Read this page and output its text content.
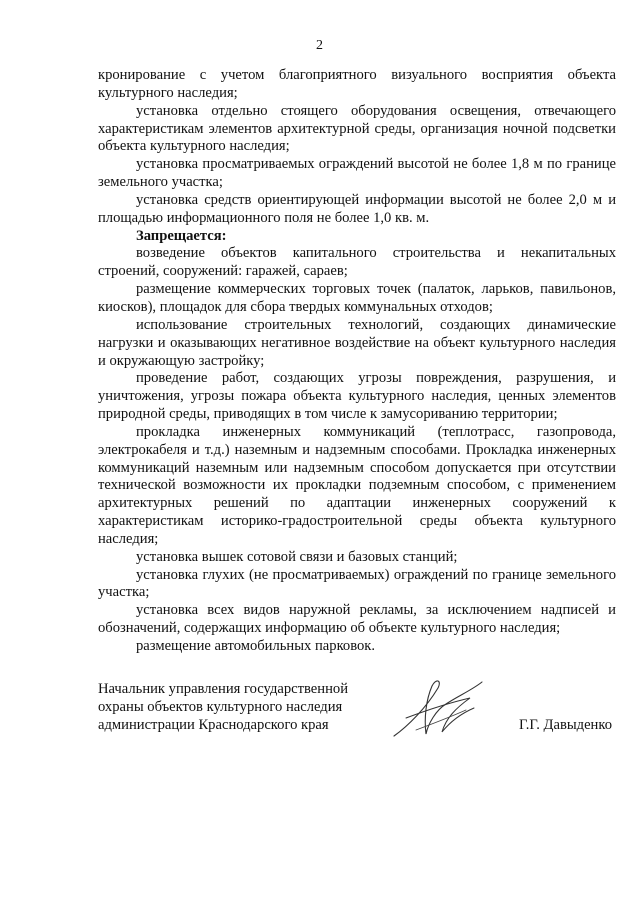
2

кронирование с учетом благоприятного визуального восприятия объекта культурного наследия;

установка отдельно стоящего оборудования освещения, отвечающего характеристикам элементов архитектурной среды, организация ночной подсветки объекта культурного наследия;

установка просматриваемых ограждений высотой не более 1,8 м по границе земельного участка;

установка средств ориентирующей информации высотой не более 2,0 м и площадью информационного поля не более 1,0 кв. м.

Запрещается:

возведение объектов капитального строительства и некапитальных строений, сооружений: гаражей, сараев;

размещение коммерческих торговых точек (палаток, ларьков, павильонов, киосков), площадок для сбора твердых коммунальных отходов;

использование строительных технологий, создающих динамические нагрузки и оказывающих негативное воздействие на объект культурного наследия и окружающую застройку;

проведение работ, создающих угрозы повреждения, разрушения, и уничтожения, угрозы пожара объекта культурного наследия, ценных элементов природной среды, приводящих в том числе к замусориванию территории;

прокладка инженерных коммуникаций (теплотрасс, газопровода, электрокабеля и т.д.) наземным и надземным способами. Прокладка инженерных коммуникаций наземным или надземным способом допускается при отсутствии технической возможности их прокладки подземным способом, с применением архитектурных решений по адаптации инженерных сооружений к характеристикам историко-градостроительной среды объекта культурного наследия;

установка вышек сотовой связи и базовых станций;

установка глухих (не просматриваемых) ограждений по границе земельного участка;

установка всех видов наружной рекламы, за исключением надписей и обозначений, содержащих информацию об объекте культурного наследия;

размещение автомобильных парковок.

Начальник управления государственной
охраны объектов культурного наследия
администрации Краснодарского края	Г.Г. Давыденко
